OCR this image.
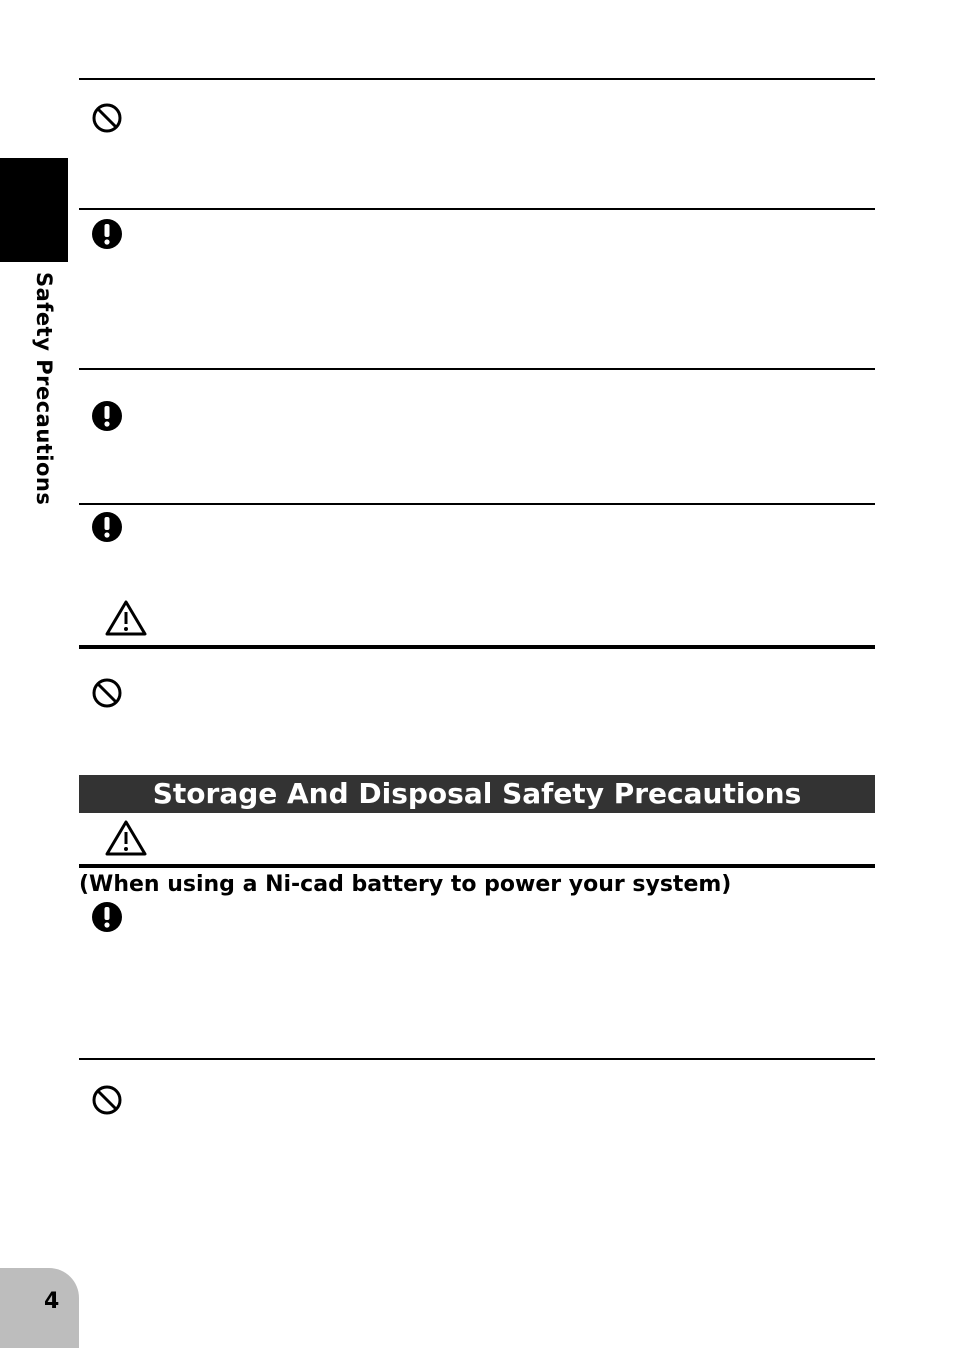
Safety Precautions
Storage And Disposal Safety Precautions
(When using a Ni-cad battery to power your system)
4
